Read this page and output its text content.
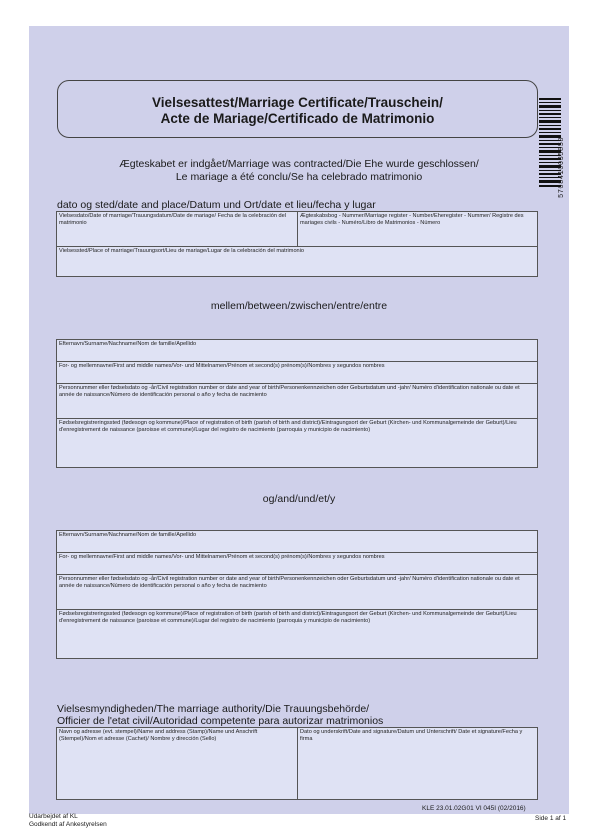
Vielsesattest/Marriage Certificate/Trauschein/
Acte de Mariage/Certificado de Matrimonio
5708410035858
Ægteskabet er indgået/Marriage was contracted/Die Ehe wurde geschlossen/
Le mariage a été conclu/Se ha celebrado matrimonio
dato og sted/date and place/Datum und Ort/date et lieu/fecha y lugar
Vielsesdato/Date of marriage/Trauungsdatum/Date de mariage/ Fecha de la celebración del matrimonio	Ægteskabsbog - Nummer/Marriage register - Number/Eheregister - Nummer/ Registre des mariages civils - Numéro/Libro de Matrimonios - Número
Vielsessted/Place of marriage/Trauungsort/Lieu de mariage/Lugar de la celebración del matrimonio
mellem/between/zwischen/entre/entre
Efternavn/Surname/Nachname/Nom de famille/Apellido
For- og mellemnavne/First and middle names/Vor- und Mittelnamen/Prénom et second(s) prénom(s)/Nombres y segundos nombres
Personnummer eller fødselsdato og -år/Civil registration number or date and year of birth/Personenkennzeichen oder Geburtsdatum und -jahr/ Numéro d'identification nationale ou date et année de naissance/Número de identificación personal o año y fecha de nacimiento
Fødselsregistreringssted (fødesogn og kommune)/Place of registration of birth (parish of birth and district)/Eintragungsort der Geburt (Kirchen- und Kommunalgemeinde der Geburt)/Lieu d'enregistrement de naissance (paroisse et commune)/Lugar del registro de nacimiento (parroquia y municipio de nacimiento)
og/and/und/et/y
Efternavn/Surname/Nachname/Nom de famille/Apellido
For- og mellemnavne/First and middle names/Vor- und Mittelnamen/Prénom et second(s) prénom(s)/Nombres y segundos nombres
Personnummer eller fødselsdato og -år/Civil registration number or date and year of birth/Personenkennzeichen oder Geburtsdatum und -jahr/ Numéro d'identification nationale ou date et année de naissance/Número de identificación personal o año y fecha de nacimiento
Fødselsregistreringssted (fødesogn og kommune)/Place of registration of birth (parish of birth and district)/Eintragungsort der Geburt (Kirchen- und Kommunalgemeinde der Geburt)/Lieu d'enregistrement de naissance (paroisse et commune)/Lugar del registro de nacimiento (parroquia y municipio de nacimiento)
Vielsesmyndigheden/The marriage authority/Die Trauungsbehörde/
Officier de l'etat civil/Autoridad competente para autorizar matrimonios
Navn og adresse (evt. stempel)/Name and address (Stamp)/Name und Anschrift (Stempel)/Nom et adresse (Cachet)/ Nombre y dirección (Sello)	Dato og underskrift/Date and signature/Datum und Unterschrift/ Date et signature/Fecha y firma
KLE 23.01.02G01 VI 045I (02/2016)
Udarbejdet af KL
Godkendt af Ankestyrelsen
Side 1 af 1
